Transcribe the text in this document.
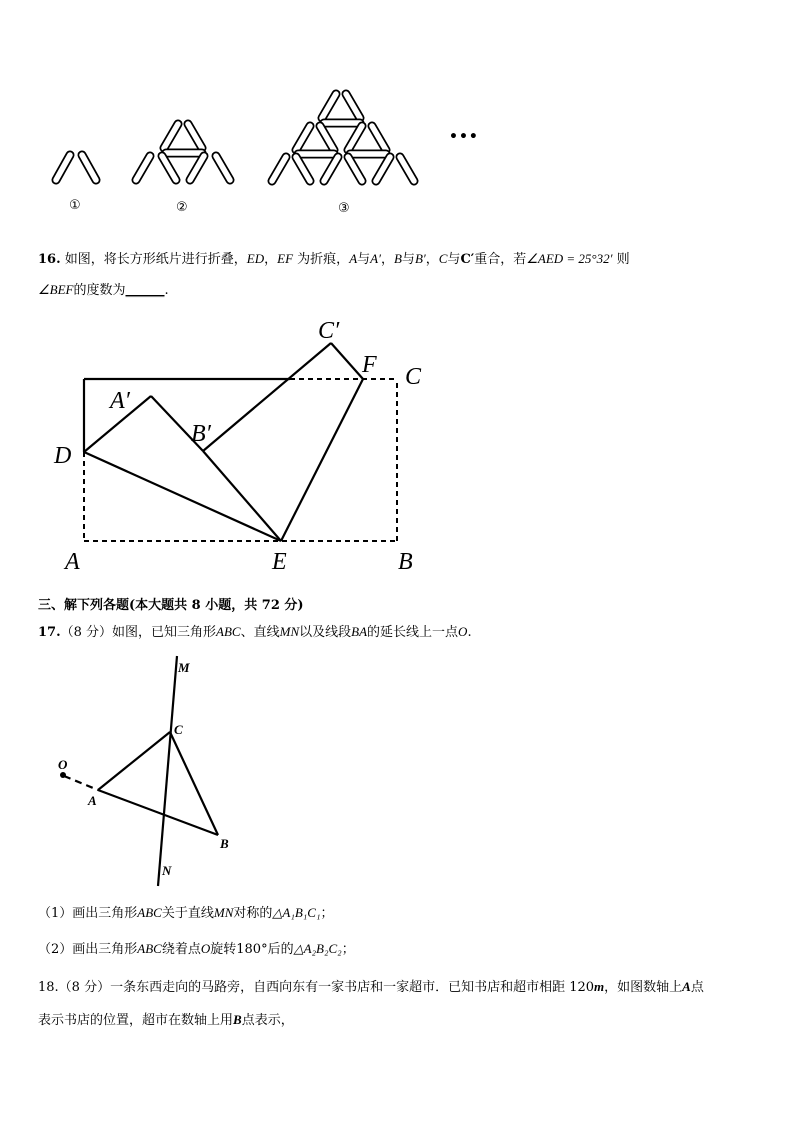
①	②	③
•••
16. 如图，将长方形纸片进行折叠，ED，EF 为折痕，A与A′，B与B′，C与C′重合，若∠AED = 25°32′ 则
∠BEF的度数为______.
C′
F C
A′
B′
D
A	E	B
三、解下列各题(本大题共 8 小题，共 72 分)
17.（8 分）如图，已知三角形ABC、直线MN以及线段BA的延长线上一点O.
M
C
O
A
B
N
（1）画出三角形ABC关于直线MN对称的△A₁B₁C₁；
（2）画出三角形ABC绕着点O旋转180°后的△A₂B₂C₂；
18.（8 分）一条东西走向的马路旁，自西向东有一家书店和一家超市．已知书店和超市相距 120m，如图数轴上A点
表示书店的位置，超市在数轴上用B点表示，
